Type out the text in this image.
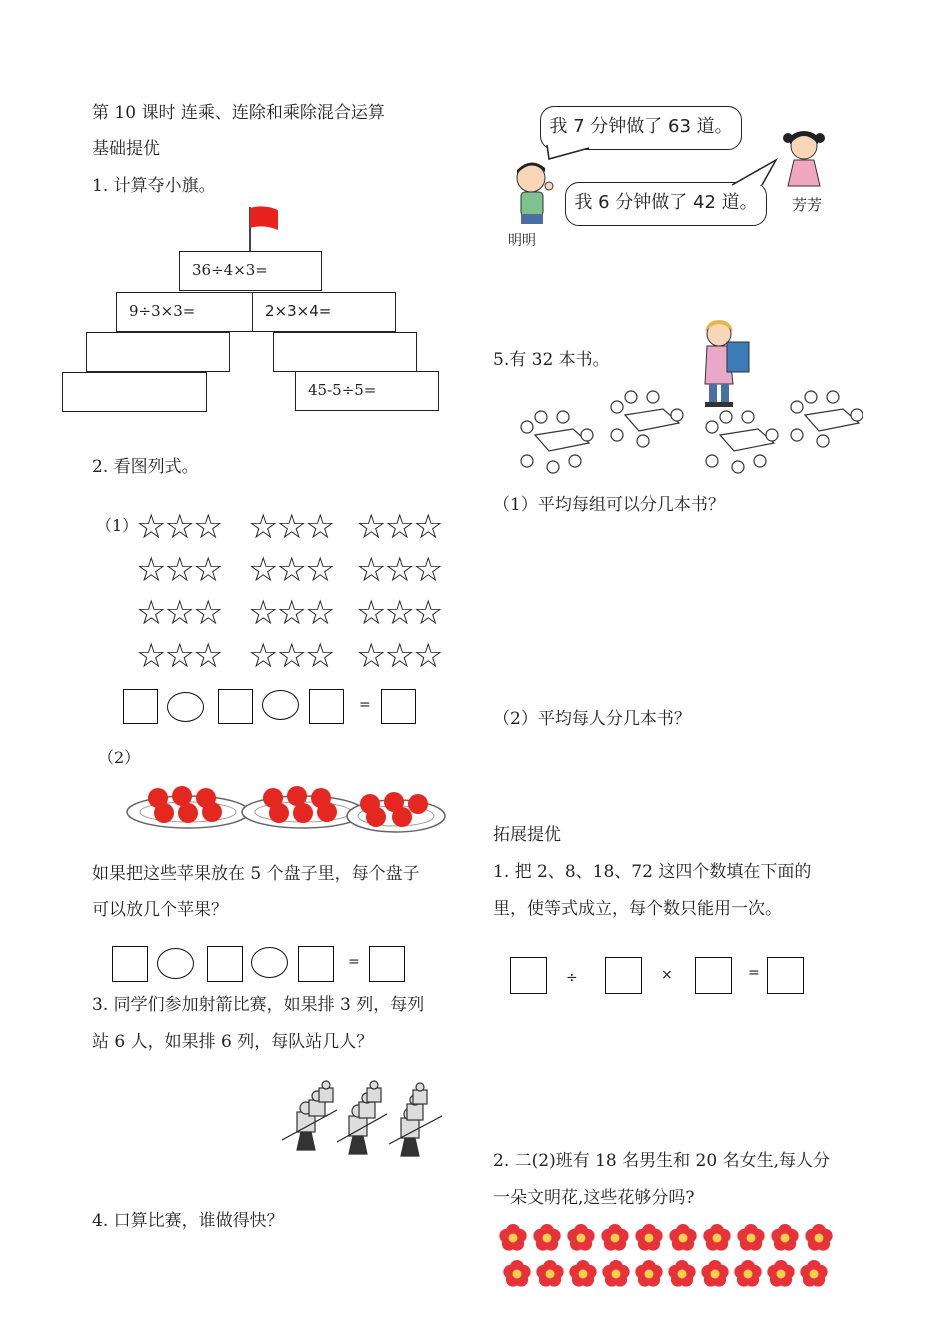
第 10 课时 连乘、连除和乘除混合运算
基础提优
1. 计算夺小旗。
36÷4×3=
9÷3×3=	2×3×4=
45-5÷5=
2. 看图列式。
（1）
☆☆☆ ☆☆☆ ☆☆☆
☆☆☆ ☆☆☆ ☆☆☆
☆☆☆ ☆☆☆ ☆☆☆
☆☆☆ ☆☆☆ ☆☆☆
=
（2）
如果把这些苹果放在 5 个盘子里，每个盘子
可以放几个苹果？
=
3. 同学们参加射箭比赛，如果排 3 列，每列
站 6 人，如果排 6 列，每队站几人？
4. 口算比赛，谁做得快？
我 7 分钟做了 63 道。
我 6 分钟做了 42 道。
明明
芳芳
5.有 32 本书。
（1）平均每组可以分几本书？
（2）平均每人分几本书？
拓展提优
1. 把 2、8、18、72 这四个数填在下面的
里，使等式成立，每个数只能用一次。
÷	×	=
2. 二(2)班有 18 名男生和 20 名女生,每人分
一朵文明花,这些花够分吗?
